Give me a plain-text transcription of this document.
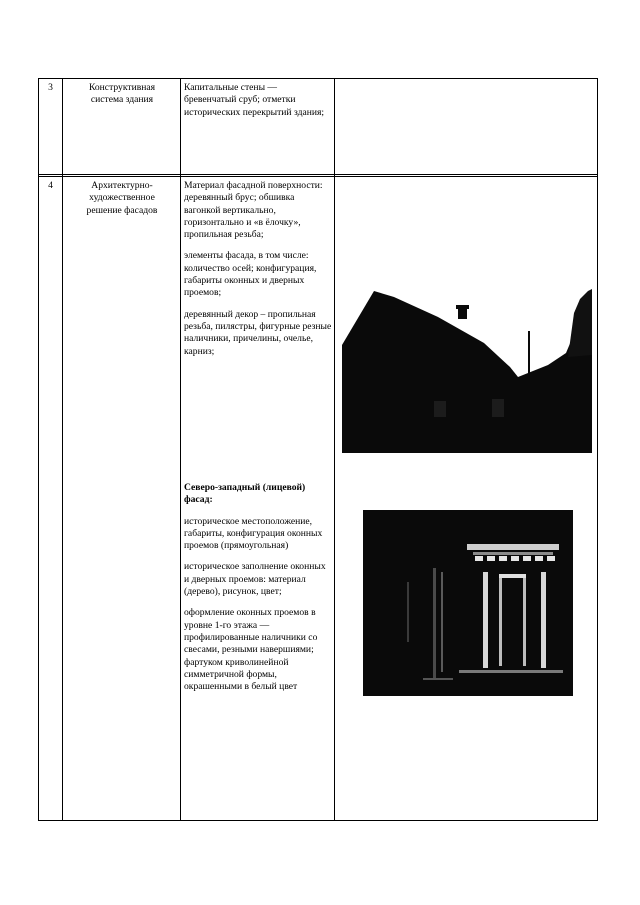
3	Конструктивная система здания
Капитальные стены — бревенчатый сруб; отметки исторических перекрытий здания;
4	Архитектурно-художественное решение фасадов

Материал фасадной поверхности: деревянный брус; обшивка вагонкой вертикально, горизонтально и «в ёлочку», пропильная резьба;

элементы фасада, в том числе: количество осей; конфигурация, габариты оконных и дверных проемов;

деревянный декор – пропильная резьба, пилястры, фигурные резные наличники, причелины, очелье, карниз;

Северо-западный (лицевой) фасад:

историческое местоположение, габариты, конфигурация оконных проемов (прямоугольная)

историческое заполнение оконных и дверных проемов: материал (дерево), рисунок, цвет;

оформление оконных проемов в уровне 1-го этажа — профилированные наличники со свесами, резными навершиями; фартуком криволинейной симметричной формы, окрашенными в белый цвет
